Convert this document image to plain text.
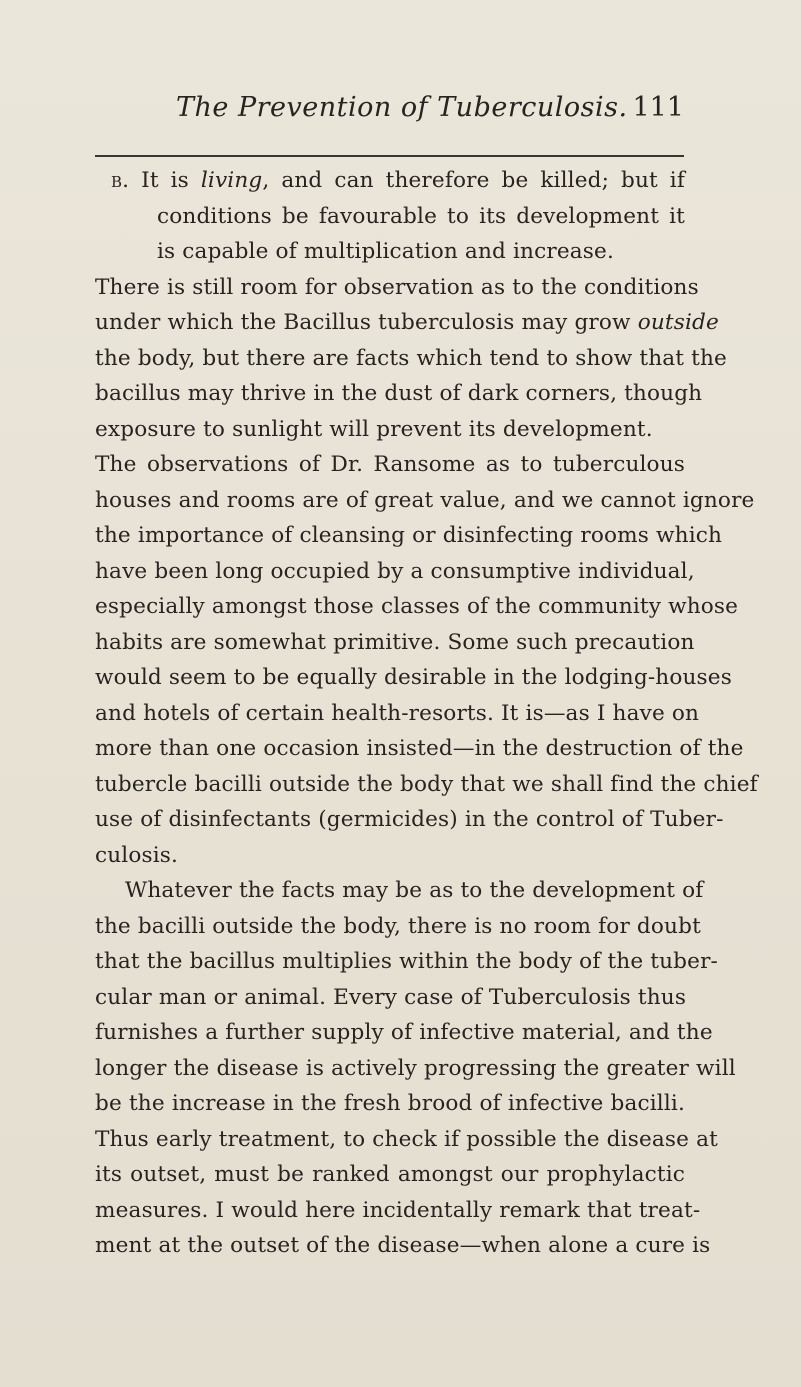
The Prevention of Tuberculosis. 111
b. It is living, and can therefore be killed; but if
conditions be favourable to its development it
is capable of multiplication and increase.
There is still room for observation as to the conditions
under which the Bacillus tuberculosis may grow outside
the body, but there are facts which tend to show that the
bacillus may thrive in the dust of dark corners, though
exposure to sunlight will prevent its development.
The observations of Dr. Ransome as to tuberculous
houses and rooms are of great value, and we cannot ignore
the importance of cleansing or disinfecting rooms which
have been long occupied by a consumptive individual,
especially amongst those classes of the community whose
habits are somewhat primitive. Some such precaution
would seem to be equally desirable in the lodging-houses
and hotels of certain health-resorts. It is—as I have on
more than one occasion insisted—in the destruction of the
tubercle bacilli outside the body that we shall find the chief
use of disinfectants (germicides) in the control of Tuber-
culosis.
Whatever the facts may be as to the development of
the bacilli outside the body, there is no room for doubt
that the bacillus multiplies within the body of the tuber-
cular man or animal. Every case of Tuberculosis thus
furnishes a further supply of infective material, and the
longer the disease is actively progressing the greater will
be the increase in the fresh brood of infective bacilli.
Thus early treatment, to check if possible the disease at
its outset, must be ranked amongst our prophylactic
measures. I would here incidentally remark that treat-
ment at the outset of the disease—when alone a cure is
